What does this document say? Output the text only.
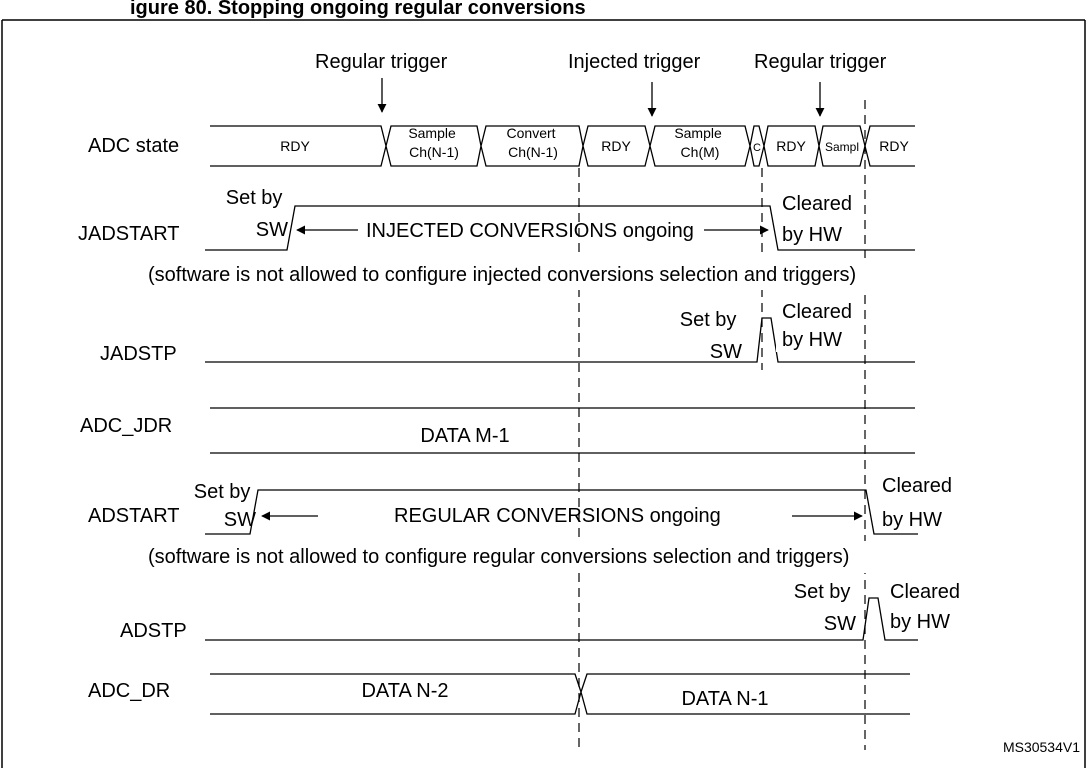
igure 80. Stopping ongoing regular conversions
Regular trigger	Injected trigger	Regular trigger
ADC state	RDY
Sample Ch(N-1)
Convert Ch(N-1)	RDY
Sample Ch(M)	C RDY Sampl RDY
JADSTART
Set by SW	INJECTED CONVERSIONS ongoing
Cleared by HW
(software is not allowed to configure injected conversions selection and triggers)
JADSTP
Set by SW
Cleared by HW
ADC_JDR	DATA M-1
ADSTART
Set by SW	REGULAR CONVERSIONS ongoing
Cleared by HW
(software is not allowed to configure regular conversions selection and triggers)
ADSTP
Set by SW
Cleared by HW
ADC_DR	DATA N-2	DATA N-1
MS30534V1
